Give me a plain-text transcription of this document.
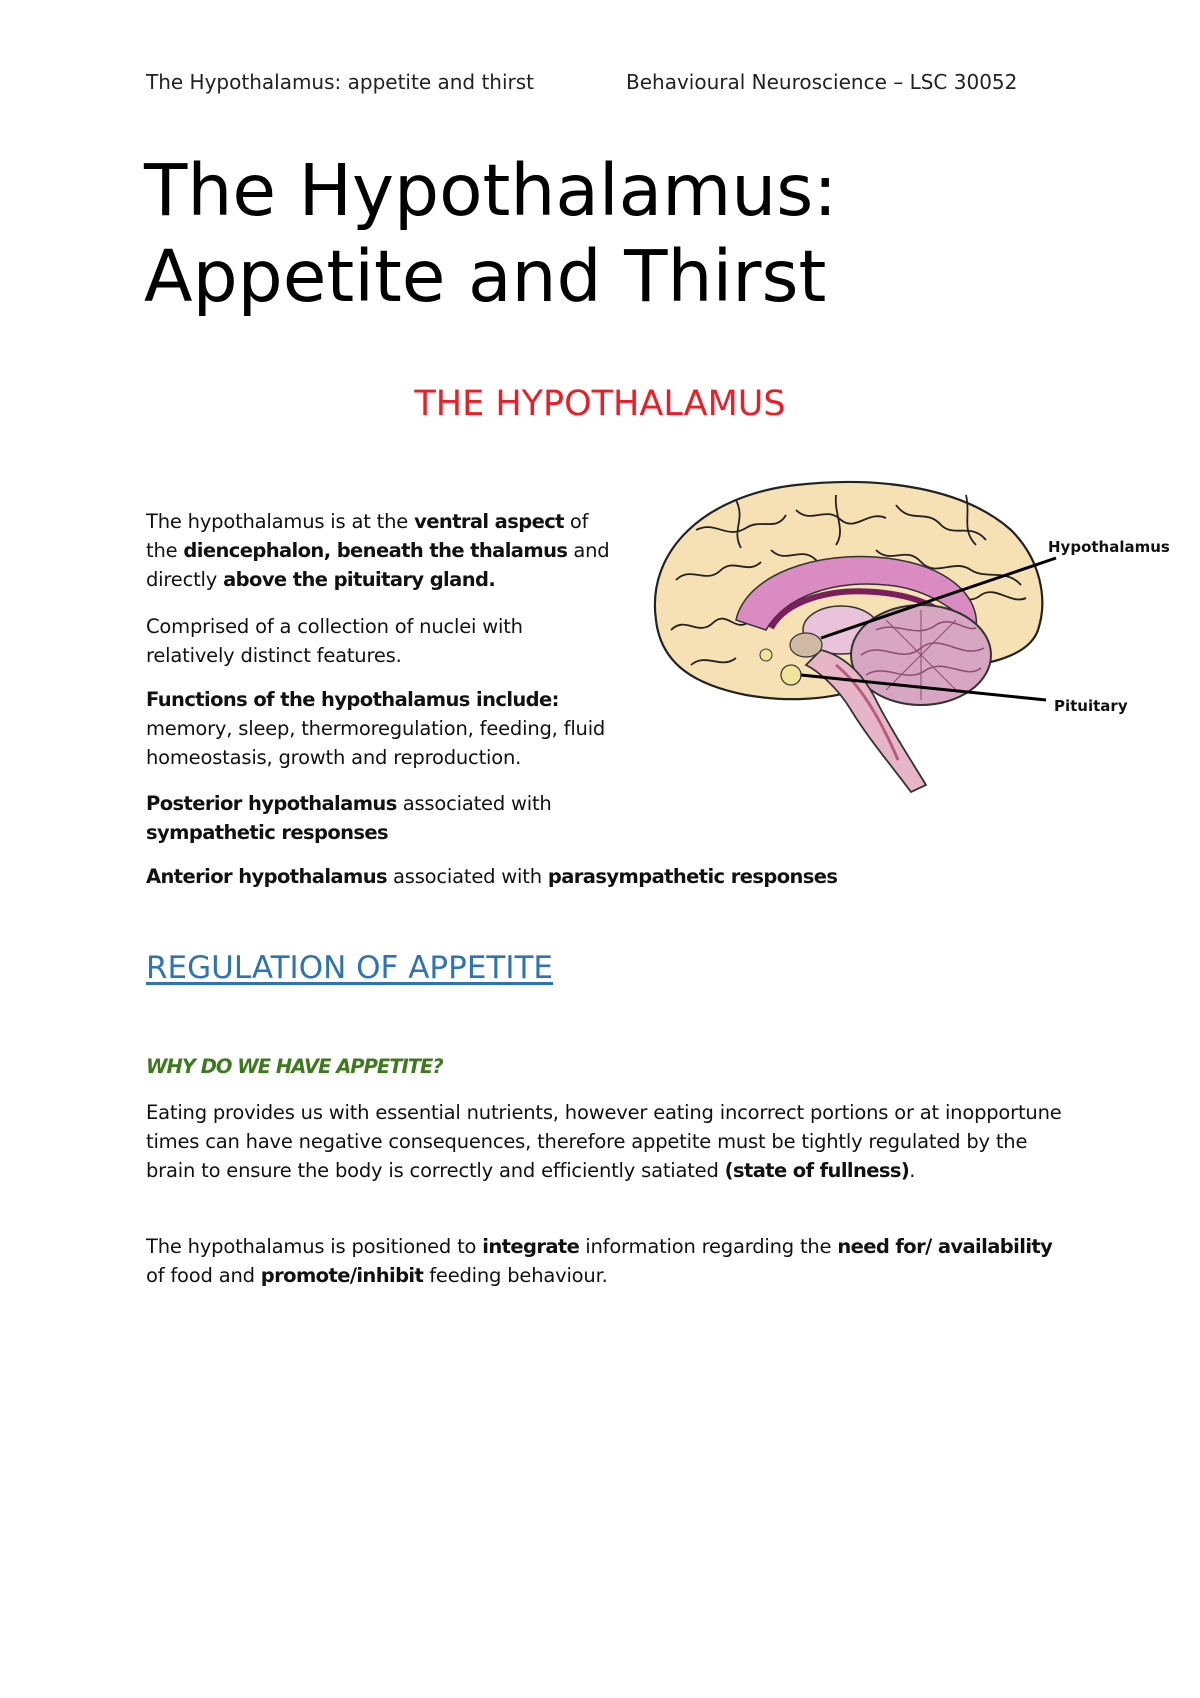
The Hypothalamus: appetite and thirst	Behavioural Neuroscience – LSC 30052
The Hypothalamus:
Appetite and Thirst
THE HYPOTHALAMUS

The hypothalamus is at the ventral aspect of the diencephalon, beneath the thalamus and directly above the pituitary gland.

Comprised of a collection of nuclei with relatively distinct features.

Functions of the hypothalamus include:
memory, sleep, thermoregulation, feeding, fluid homeostasis, growth and reproduction.

Posterior hypothalamus associated with sympathetic responses

Anterior hypothalamus associated with parasympathetic responses

Hypothalamus
Pituitary
REGULATION OF APPETITE
WHY DO WE HAVE APPETITE?

Eating provides us with essential nutrients, however eating incorrect portions or at inopportune times can have negative consequences, therefore appetite must be tightly regulated by the brain to ensure the body is correctly and efficiently satiated (state of fullness).

The hypothalamus is positioned to integrate information regarding the need for/ availability of food and promote/inhibit feeding behaviour.
